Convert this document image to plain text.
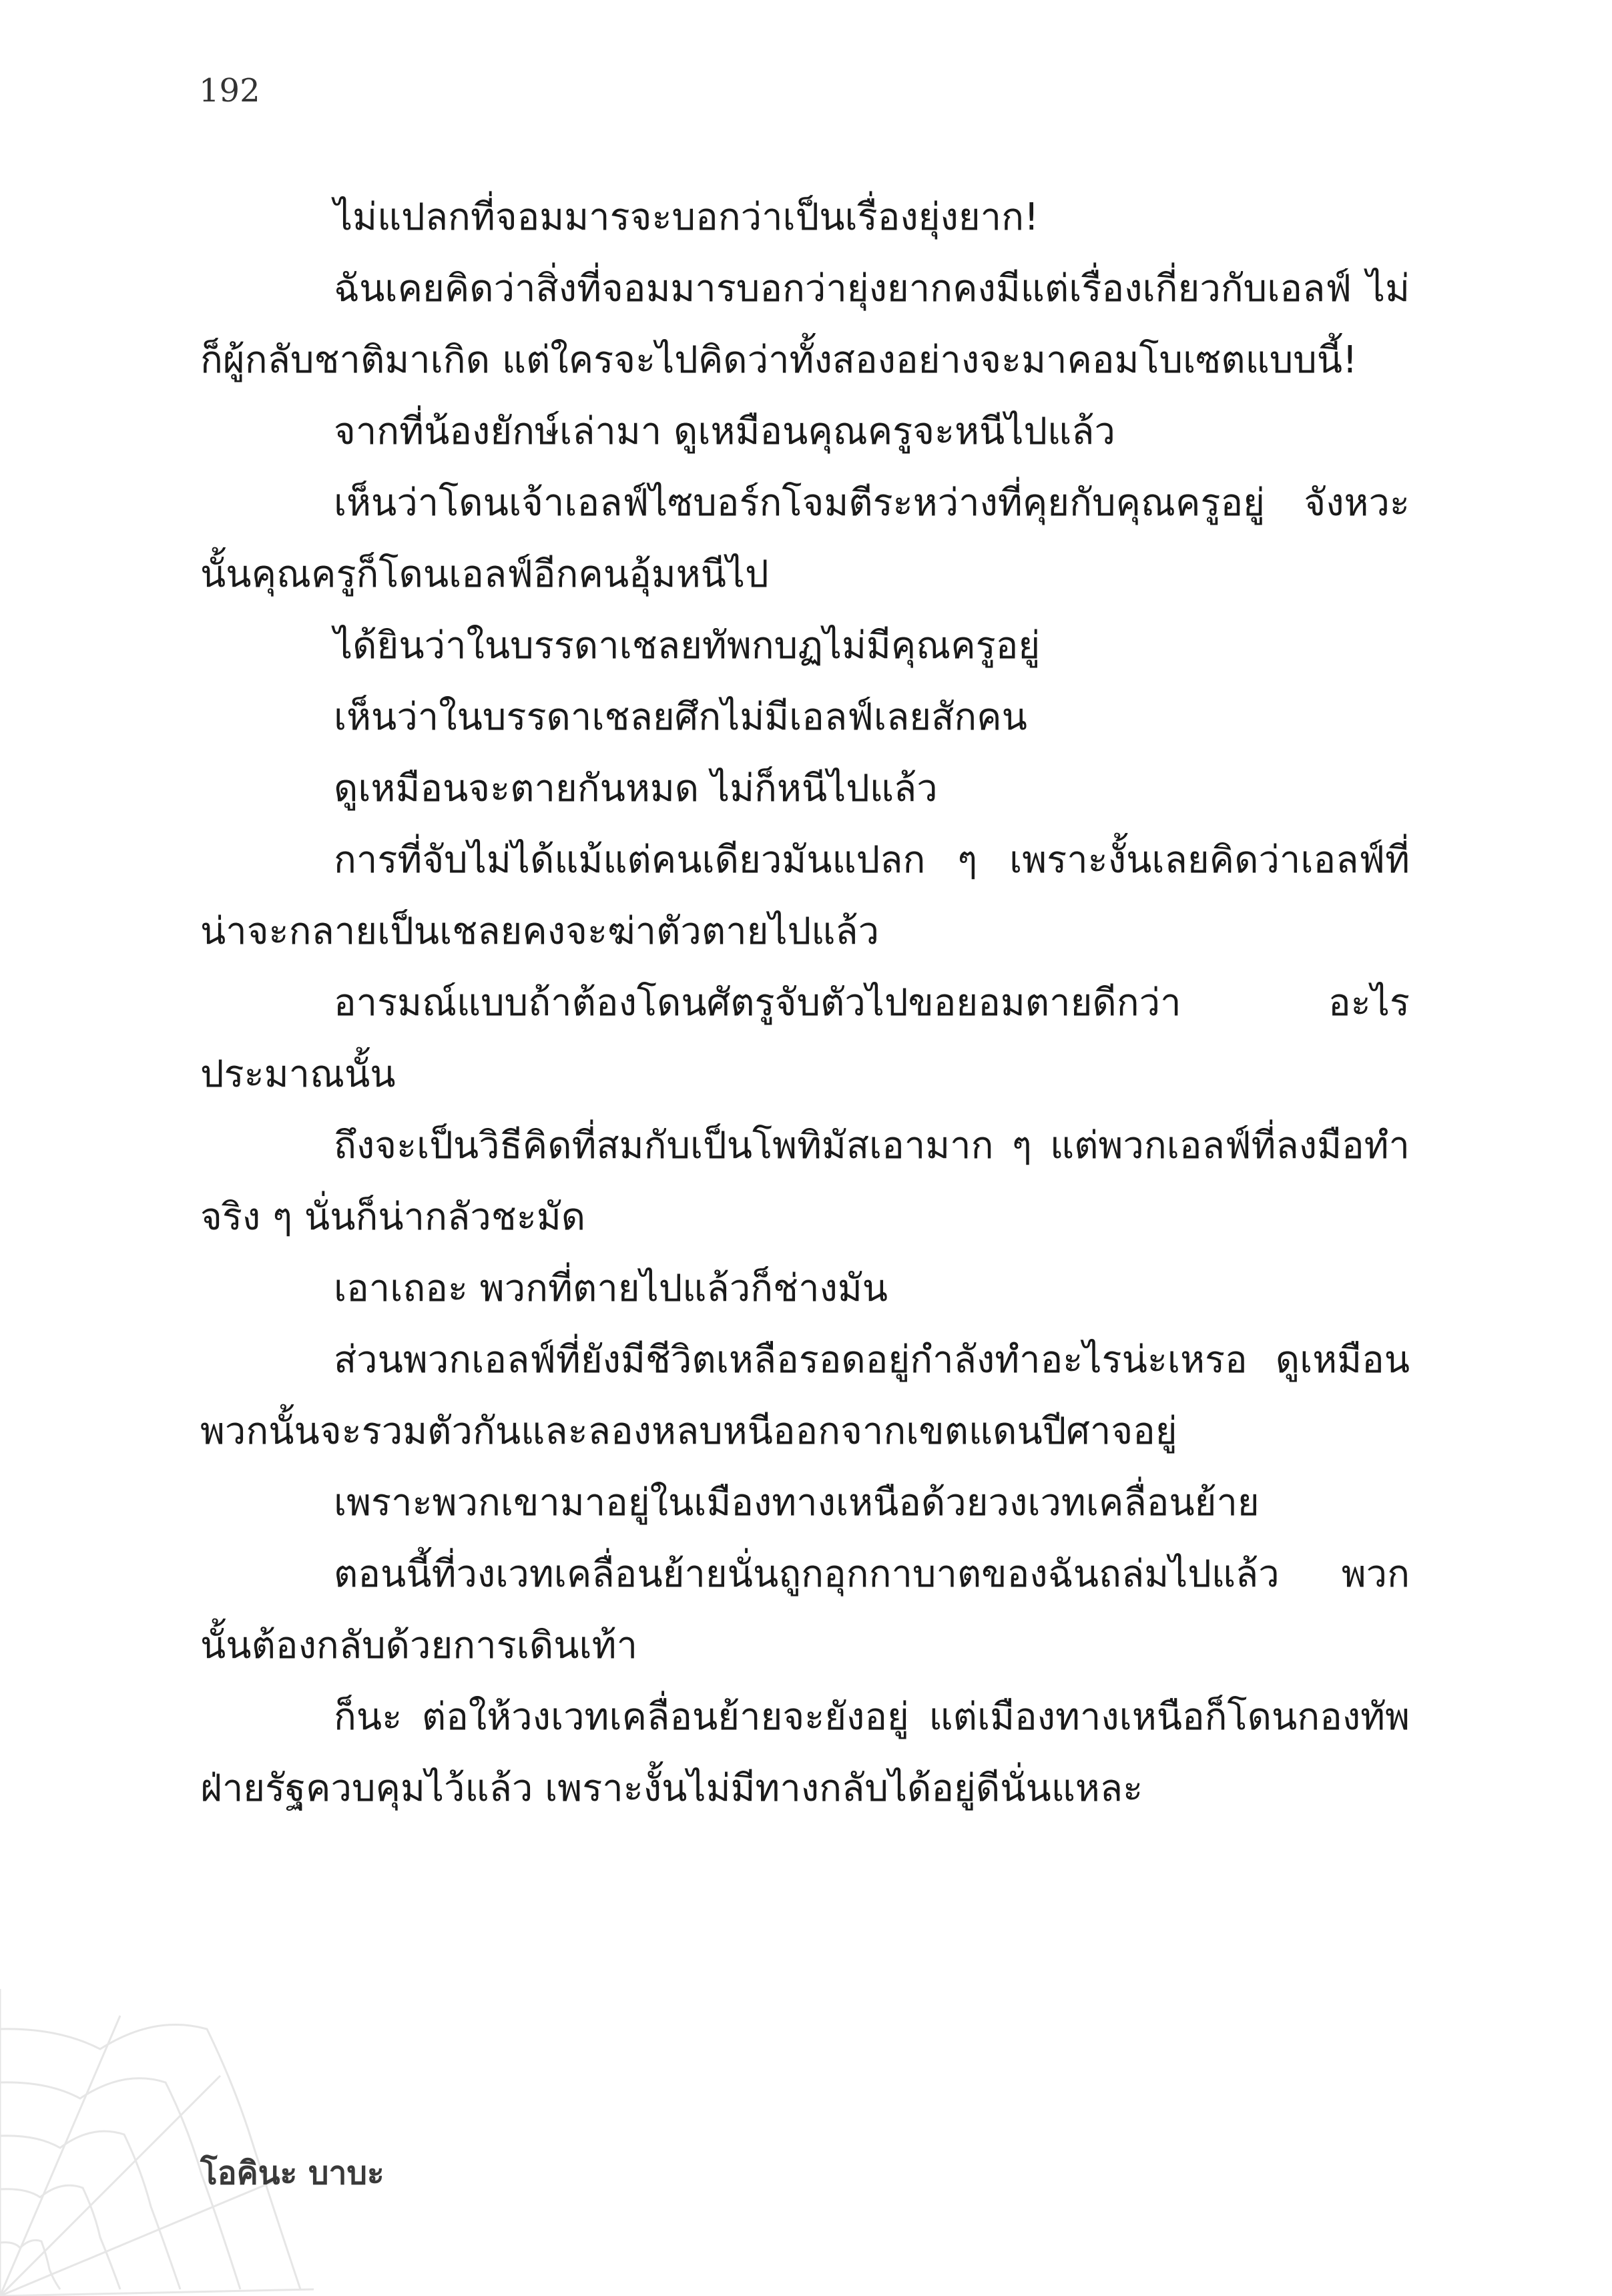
192

ไม่แปลกที่จอมมารจะบอกว่าเป็นเรื่องยุ่งยาก!

ฉันเคยคิดว่าสิ่งที่จอมมารบอกว่ายุ่งยากคงมีแต่เรื่องเกี่ยวกับเอลฟ์ ไม่ก็ผู้กลับชาติมาเกิด แต่ใครจะไปคิดว่าทั้งสองอย่างจะมาคอมโบเซตแบบนี้!

จากที่น้องยักษ์เล่ามา ดูเหมือนคุณครูจะหนีไปแล้ว

เห็นว่าโดนเจ้าเอลฟ์ไซบอร์กโจมตีระหว่างที่คุยกับคุณครูอยู่ จังหวะนั้นคุณครูก็โดนเอลฟ์อีกคนอุ้มหนีไป

ได้ยินว่าในบรรดาเชลยทัพกบฏไม่มีคุณครูอยู่

เห็นว่าในบรรดาเชลยศึกไม่มีเอลฟ์เลยสักคน

ดูเหมือนจะตายกันหมด ไม่ก็หนีไปแล้ว

การที่จับไม่ได้แม้แต่คนเดียวมันแปลก ๆ เพราะงั้นเลยคิดว่าเอลฟ์ที่น่าจะกลายเป็นเชลยคงจะฆ่าตัวตายไปแล้ว

อารมณ์แบบถ้าต้องโดนศัตรูจับตัวไปขอยอมตายดีกว่า อะไรประมาณนั้น

ถึงจะเป็นวิธีคิดที่สมกับเป็นโพทิมัสเอามาก ๆ แต่พวกเอลฟ์ที่ลงมือทำจริง ๆ นั่นก็น่ากลัวชะมัด

เอาเถอะ พวกที่ตายไปแล้วก็ช่างมัน

ส่วนพวกเอลฟ์ที่ยังมีชีวิตเหลือรอดอยู่กำลังทำอะไรน่ะเหรอ ดูเหมือนพวกนั้นจะรวมตัวกันและลองหลบหนีออกจากเขตแดนปีศาจอยู่

เพราะพวกเขามาอยู่ในเมืองทางเหนือด้วยวงเวทเคลื่อนย้าย

ตอนนี้ที่วงเวทเคลื่อนย้ายนั่นถูกอุกกาบาตของฉันถล่มไปแล้ว พวกนั้นต้องกลับด้วยการเดินเท้า

ก็นะ ต่อให้วงเวทเคลื่อนย้ายจะยังอยู่ แต่เมืองทางเหนือก็โดนกองทัพฝ่ายรัฐควบคุมไว้แล้ว เพราะงั้นไม่มีทางกลับได้อยู่ดีนั่นแหละ

โอคินะ บาบะ
